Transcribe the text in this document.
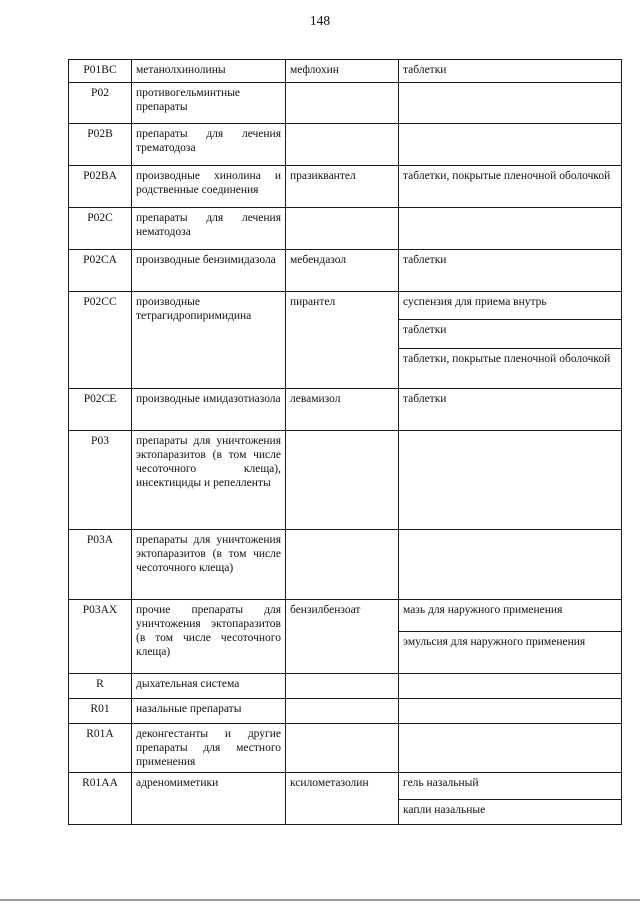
148
P01BC	метанолхинолины	мефлохин	таблетки
P02	противогельминтные препараты		
P02B	препараты для лечения трематодоза		
P02BA	производные хинолина и родственные соединения	празиквантел	таблетки, покрытые пленочной оболочкой
P02C	препараты для лечения нематодоза		
P02CA	производные бензимидазола	мебендазол	таблетки
P02CC	производные тетрагидропиримидина	пирантел	суспензия для приема внутрь
			таблетки
			таблетки, покрытые пленочной оболочкой
P02CE	производные имидазотиазола	левамизол	таблетки
P03	препараты для уничтожения эктопаразитов (в том числе чесоточного клеща), инсектициды и репелленты		
P03A	препараты для уничтожения эктопаразитов (в том числе чесоточного клеща)		
P03AX	прочие препараты для уничтожения эктопаразитов (в том числе чесоточного клеща)	бензилбензоат	мазь для наружного применения
			эмульсия для наружного применения
R	дыхательная система		
R01	назальные препараты		
R01A	деконгестанты и другие препараты для местного применения		
R01AA	адреномиметики	ксилометазолин	гель назальный
			капли назальные
